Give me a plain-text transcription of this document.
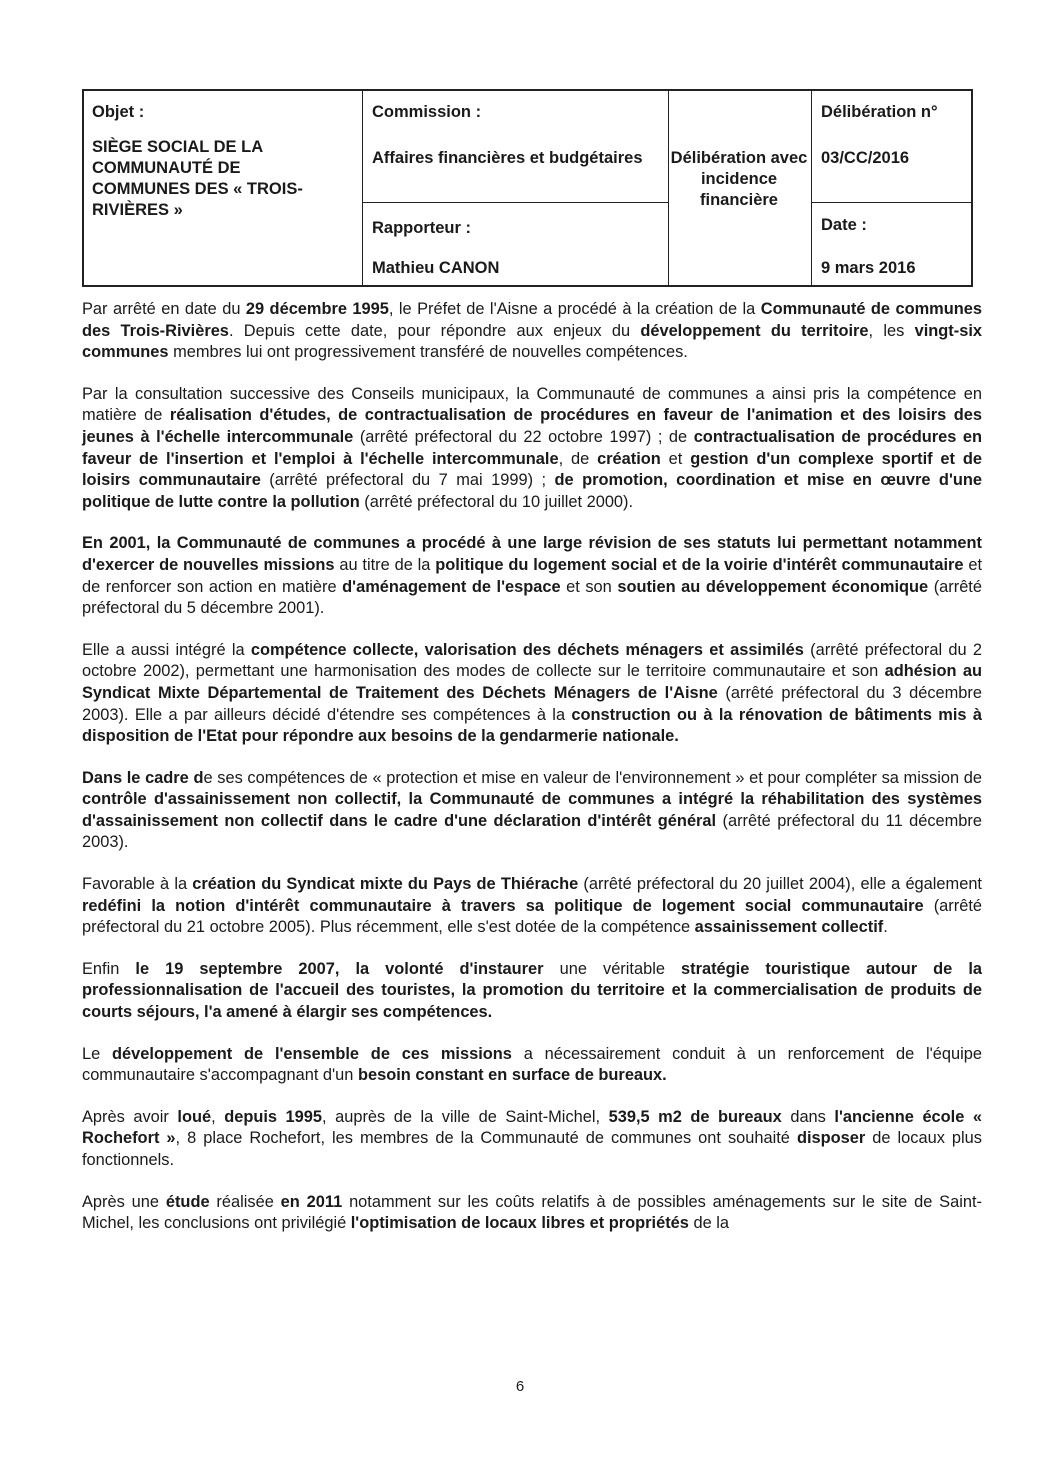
Objet :
SIÈGE SOCIAL DE LA COMMUNAUTÉ DE COMMUNES DES « TROIS-RIVIÈRES »
Commission :
Affaires financières et budgétaires
Rapporteur :
Mathieu CANON
Délibération avec incidence financière
Délibération n°
03/CC/2016
Date :
9 mars 2016

Par arrêté en date du 29 décembre 1995, le Préfet de l'Aisne a procédé à la création de la Communauté de communes des Trois-Rivières. Depuis cette date, pour répondre aux enjeux du développement du territoire, les vingt-six communes membres lui ont progressivement transféré de nouvelles compétences.

Par la consultation successive des Conseils municipaux, la Communauté de communes a ainsi pris la compétence en matière de réalisation d'études, de contractualisation de procédures en faveur de l'animation et des loisirs des jeunes à l'échelle intercommunale (arrêté préfectoral du 22 octobre 1997) ; de contractualisation de procédures en faveur de l'insertion et l'emploi à l'échelle intercommunale, de création et gestion d'un complexe sportif et de loisirs communautaire (arrêté préfectoral du 7 mai 1999) ; de promotion, coordination et mise en œuvre d'une politique de lutte contre la pollution (arrêté préfectoral du 10 juillet 2000).

En 2001, la Communauté de communes a procédé à une large révision de ses statuts lui permettant notamment d'exercer de nouvelles missions au titre de la politique du logement social et de la voirie d'intérêt communautaire et de renforcer son action en matière d'aménagement de l'espace et son soutien au développement économique (arrêté préfectoral du 5 décembre 2001).

Elle a aussi intégré la compétence collecte, valorisation des déchets ménagers et assimilés (arrêté préfectoral du 2 octobre 2002), permettant une harmonisation des modes de collecte sur le territoire communautaire et son adhésion au Syndicat Mixte Départemental de Traitement des Déchets Ménagers de l'Aisne (arrêté préfectoral du 3 décembre 2003). Elle a par ailleurs décidé d'étendre ses compétences à la construction ou à la rénovation de bâtiments mis à disposition de l'Etat pour répondre aux besoins de la gendarmerie nationale.

Dans le cadre de ses compétences de « protection et mise en valeur de l'environnement » et pour compléter sa mission de contrôle d'assainissement non collectif, la Communauté de communes a intégré la réhabilitation des systèmes d'assainissement non collectif dans le cadre d'une déclaration d'intérêt général (arrêté préfectoral du 11 décembre 2003).

Favorable à la création du Syndicat mixte du Pays de Thiérache (arrêté préfectoral du 20 juillet 2004), elle a également redéfini la notion d'intérêt communautaire à travers sa politique de logement social communautaire (arrêté préfectoral du 21 octobre 2005). Plus récemment, elle s'est dotée de la compétence assainissement collectif.

Enfin le 19 septembre 2007, la volonté d'instaurer une véritable stratégie touristique autour de la professionnalisation de l'accueil des touristes, la promotion du territoire et la commercialisation de produits de courts séjours, l'a amené à élargir ses compétences.

Le développement de l'ensemble de ces missions a nécessairement conduit à un renforcement de l'équipe communautaire s'accompagnant d'un besoin constant en surface de bureaux.

Après avoir loué, depuis 1995, auprès de la ville de Saint-Michel, 539,5 m2 de bureaux dans l'ancienne école « Rochefort », 8 place Rochefort, les membres de la Communauté de communes ont souhaité disposer de locaux plus fonctionnels.

Après une étude réalisée en 2011 notamment sur les coûts relatifs à de possibles aménagements sur le site de Saint-Michel, les conclusions ont privilégié l'optimisation de locaux libres et propriétés de la

6
